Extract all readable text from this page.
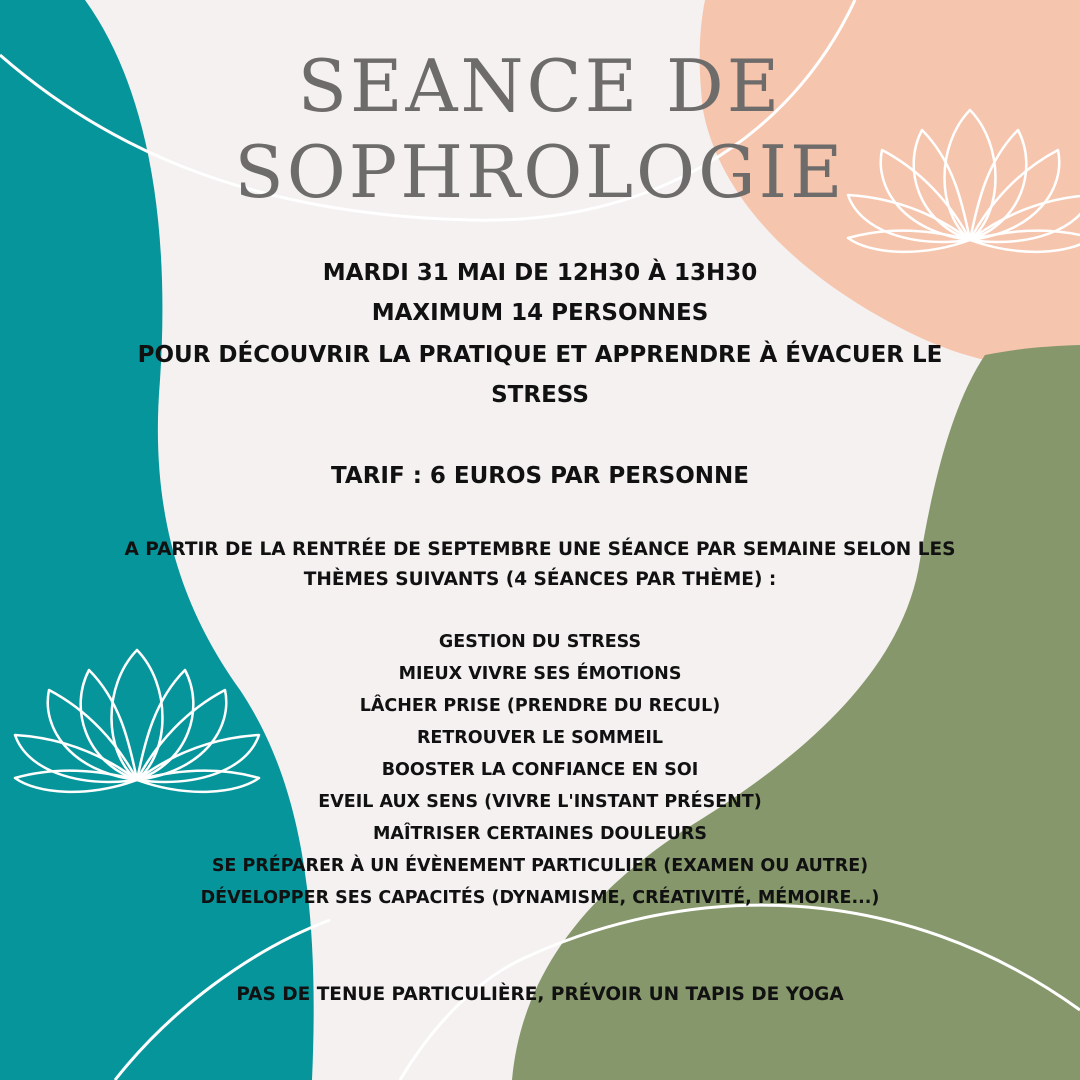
SEANCE DE
SOPHROLOGIE

MARDI 31 MAI DE 12H30 À 13H30

MAXIMUM 14 PERSONNES

POUR DÉCOUVRIR LA PRATIQUE ET APPRENDRE À ÉVACUER LE

STRESS

TARIF : 6 EUROS PAR PERSONNE

A PARTIR DE LA RENTRÉE DE SEPTEMBRE UNE SÉANCE PAR SEMAINE SELON LES

THÈMES SUIVANTS (4 SÉANCES PAR THÈME) :

GESTION DU STRESS
MIEUX VIVRE SES ÉMOTIONS
LÂCHER PRISE (PRENDRE DU RECUL)
RETROUVER LE SOMMEIL
BOOSTER LA CONFIANCE EN SOI
EVEIL AUX SENS (VIVRE L'INSTANT PRÉSENT)
MAÎTRISER CERTAINES DOULEURS
SE PRÉPARER À UN ÉVÈNEMENT PARTICULIER (EXAMEN OU AUTRE)
DÉVELOPPER SES CAPACITÉS (DYNAMISME, CRÉATIVITÉ, MÉMOIRE...)

PAS DE TENUE PARTICULIÈRE, PRÉVOIR UN TAPIS DE YOGA
